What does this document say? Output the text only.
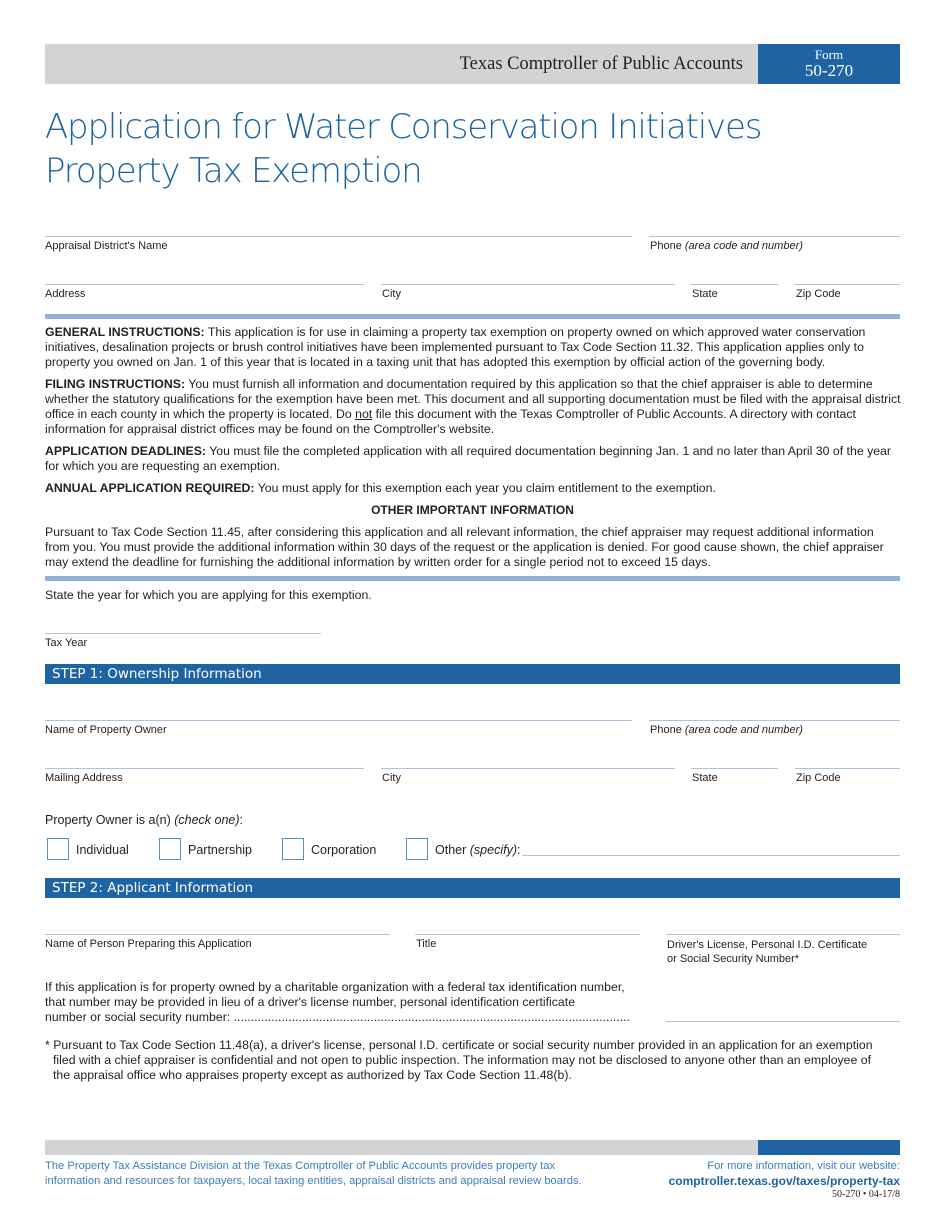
Texas Comptroller of Public Accounts	Form
50-270
Application for Water Conservation Initiatives
Property Tax Exemption
Appraisal District's Name	Phone (area code and number)
Address	City	State	Zip Code
GENERAL INSTRUCTIONS: This application is for use in claiming a property tax exemption on property owned on which approved water conservation initiatives, desalination projects or brush control initiatives have been implemented pursuant to Tax Code Section 11.32. This application applies only to property you owned on Jan. 1 of this year that is located in a taxing unit that has adopted this exemption by official action of the governing body.
FILING INSTRUCTIONS: You must furnish all information and documentation required by this application so that the chief appraiser is able to determine whether the statutory qualifications for the exemption have been met. This document and all supporting documentation must be filed with the appraisal district office in each county in which the property is located. Do not file this document with the Texas Comptroller of Public Accounts. A directory with contact information for appraisal district offices may be found on the Comptroller's website.
APPLICATION DEADLINES: You must file the completed application with all required documentation beginning Jan. 1 and no later than April 30 of the year for which you are requesting an exemption.
ANNUAL APPLICATION REQUIRED: You must apply for this exemption each year you claim entitlement to the exemption.
OTHER IMPORTANT INFORMATION
Pursuant to Tax Code Section 11.45, after considering this application and all relevant information, the chief appraiser may request additional information from you. You must provide the additional information within 30 days of the request or the application is denied. For good cause shown, the chief appraiser may extend the deadline for furnishing the additional information by written order for a single period not to exceed 15 days.
State the year for which you are applying for this exemption.
Tax Year
STEP 1: Ownership Information
Name of Property Owner	Phone (area code and number)
Mailing Address	City	State	Zip Code
Property Owner is a(n) (check one):
Individual	Partnership	Corporation	Other (specify):
STEP 2: Applicant Information
Name of Person Preparing this Application	Title	Driver's License, Personal I.D. Certificate
or Social Security Number*
If this application is for property owned by a charitable organization with a federal tax identification number,
that number may be provided in lieu of a driver's license number, personal identification certificate
number or social security number: ....................................................................................................................
* Pursuant to Tax Code Section 11.48(a), a driver's license, personal I.D. certificate or social security number provided in an application for an exemption
filed with a chief appraiser is confidential and not open to public inspection. The information may not be disclosed to anyone other than an employee of
the appraisal office who appraises property except as authorized by Tax Code Section 11.48(b).
The Property Tax Assistance Division at the Texas Comptroller of Public Accounts provides property tax
information and resources for taxpayers, local taxing entities, appraisal districts and appraisal review boards.
For more information, visit our website:
comptroller.texas.gov/taxes/property-tax
50-270 • 04-17/8
